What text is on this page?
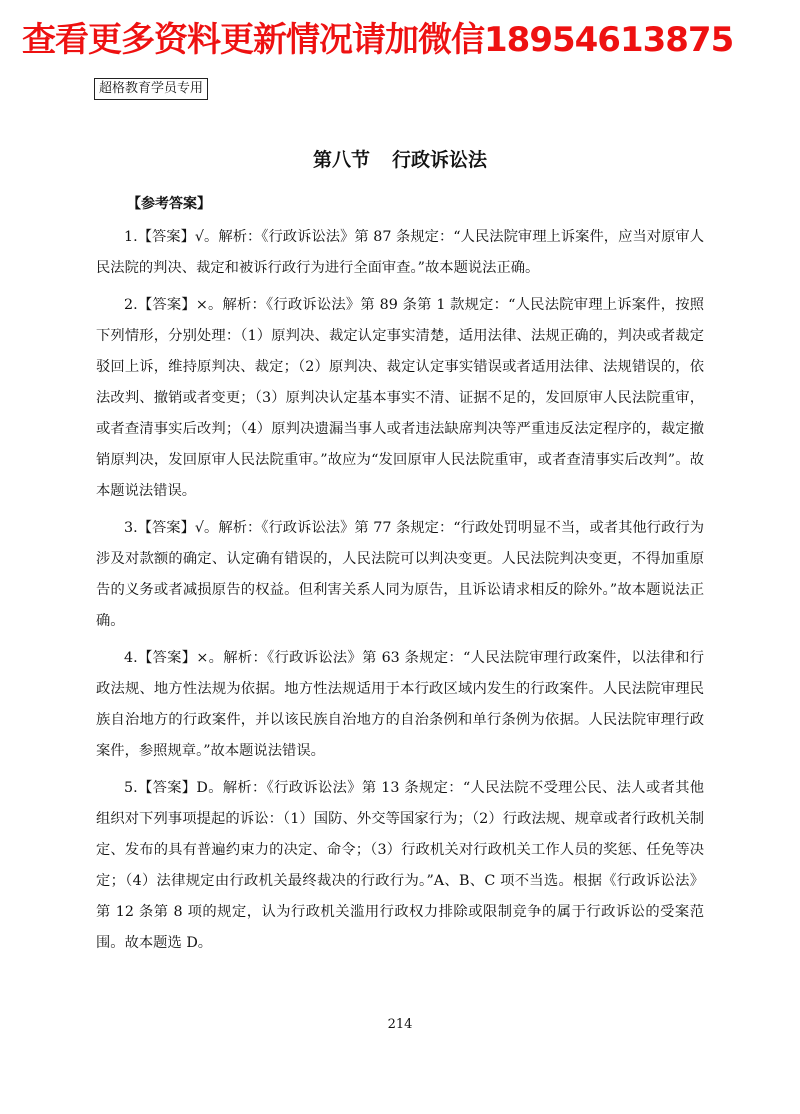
查看更多资料更新情况请加微信18954613875
超格教育学员专用
第八节 行政诉讼法
【参考答案】

1.【答案】√。解析：《行政诉讼法》第 87 条规定：“人民法院审理上诉案件，应当对原审人民法院的判决、裁定和被诉行政行为进行全面审查。”故本题说法正确。

2.【答案】×。解析：《行政诉讼法》第 89 条第 1 款规定：“人民法院审理上诉案件，按照下列情形，分别处理：（1）原判决、裁定认定事实清楚，适用法律、法规正确的，判决或者裁定驳回上诉，维持原判决、裁定；（2）原判决、裁定认定事实错误或者适用法律、法规错误的，依法改判、撤销或者变更；（3）原判决认定基本事实不清、证据不足的，发回原审人民法院重审，或者查清事实后改判；（4）原判决遗漏当事人或者违法缺席判决等严重违反法定程序的，裁定撤销原判决，发回原审人民法院重审。”故应为“发回原审人民法院重审，或者查清事实后改判”。故本题说法错误。

3.【答案】√。解析：《行政诉讼法》第 77 条规定：“行政处罚明显不当，或者其他行政行为涉及对款额的确定、认定确有错误的，人民法院可以判决变更。人民法院判决变更，不得加重原告的义务或者减损原告的权益。但利害关系人同为原告，且诉讼请求相反的除外。”故本题说法正确。

4.【答案】×。解析：《行政诉讼法》第 63 条规定：“人民法院审理行政案件，以法律和行政法规、地方性法规为依据。地方性法规适用于本行政区域内发生的行政案件。人民法院审理民族自治地方的行政案件，并以该民族自治地方的自治条例和单行条例为依据。人民法院审理行政案件，参照规章。”故本题说法错误。

5.【答案】D。解析：《行政诉讼法》第 13 条规定：“人民法院不受理公民、法人或者其他组织对下列事项提起的诉讼：（1）国防、外交等国家行为；（2）行政法规、规章或者行政机关制定、发布的具有普遍约束力的决定、命令；（3）行政机关对行政机关工作人员的奖惩、任免等决定；（4）法律规定由行政机关最终裁决的行政行为。”A、B、C 项不当选。根据《行政诉讼法》第 12 条第 8 项的规定，认为行政机关滥用行政权力排除或限制竞争的属于行政诉讼的受案范围。故本题选 D。

214
